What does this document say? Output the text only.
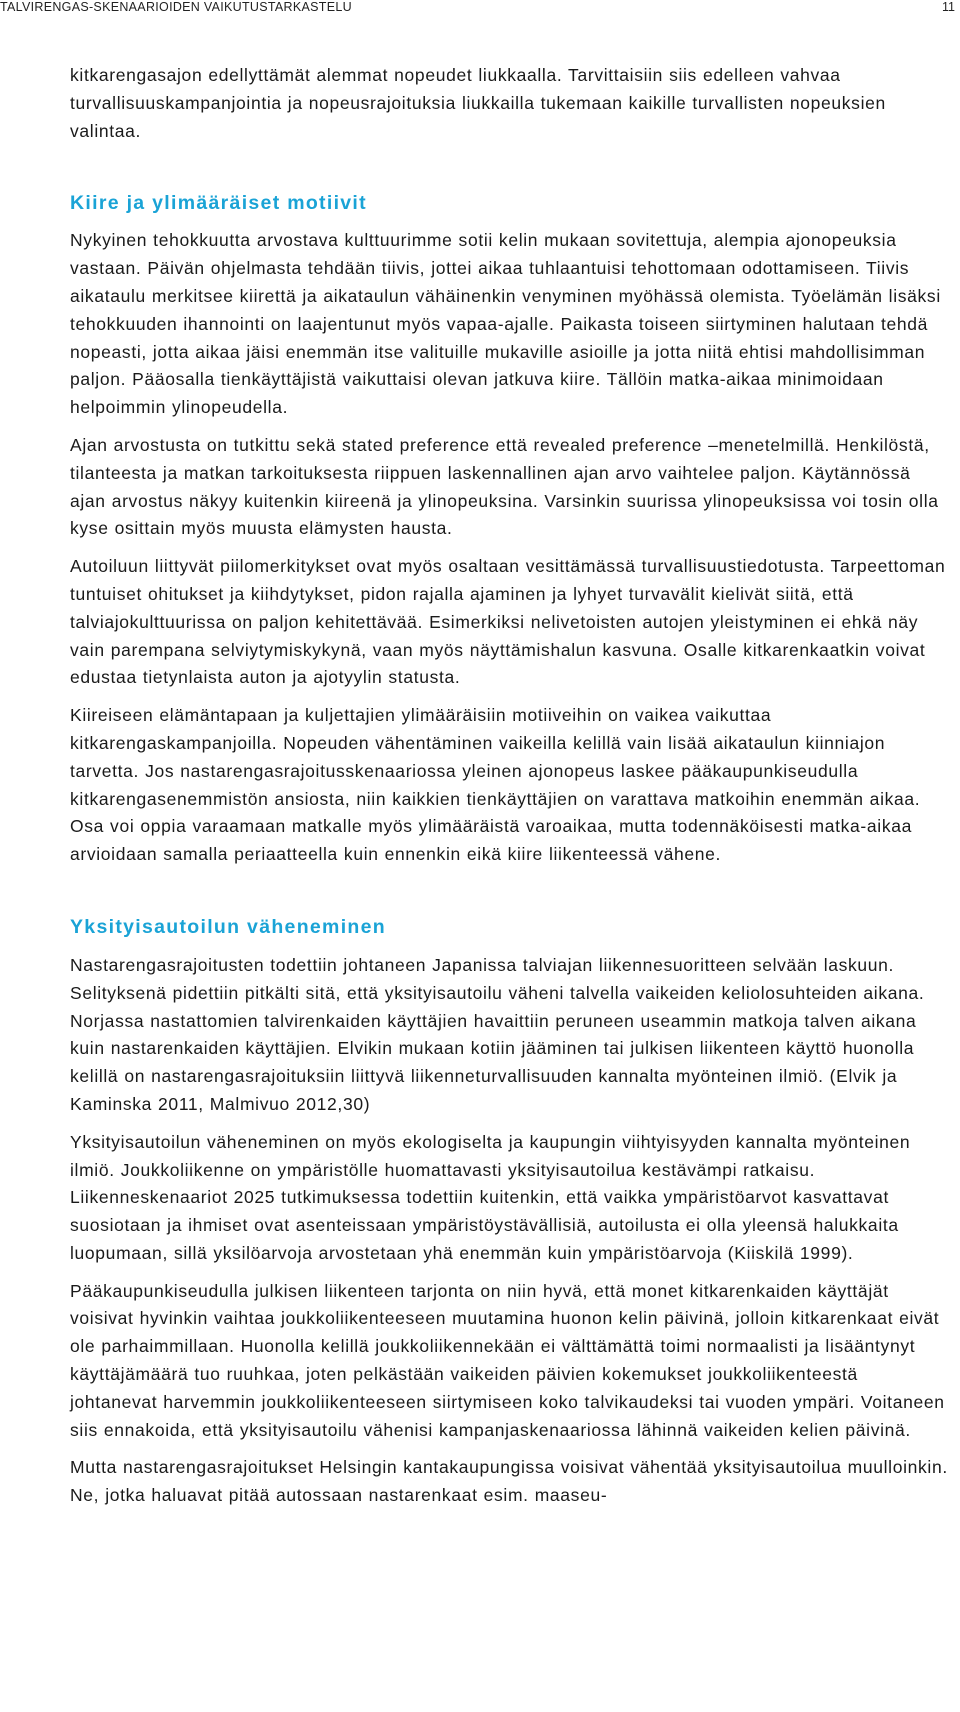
TALVIRENGAS-SKENAARIOIDEN VAIKUTUSTARKASTELU	11

kitkarengasajon edellyttämät alemmat nopeudet liukkaalla. Tarvittaisiin siis edelleen vahvaa turvallisuuskampanjointia ja nopeusrajoituksia liukkailla tukemaan kaikille turvallisten nopeuksien valintaa.

Kiire ja ylimääräiset motiivit

Nykyinen tehokkuutta arvostava kulttuurimme sotii kelin mukaan sovitettuja, alempia ajonopeuksia vastaan. Päivän ohjelmasta tehdään tiivis, jottei aikaa tuhlaantuisi tehottomaan odottamiseen. Tiivis aikataulu merkitsee kiirettä ja aikataulun vähäinenkin venyminen myöhässä olemista. Työelämän lisäksi tehokkuuden ihannointi on laajentunut myös vapaa-ajalle. Paikasta toiseen siirtyminen halutaan tehdä nopeasti, jotta aikaa jäisi enemmän itse valituille mukaville asioille ja jotta niitä ehtisi mahdollisimman paljon. Pääosalla tienkäyttäjistä vaikuttaisi olevan jatkuva kiire. Tällöin matka-aikaa minimoidaan helpoimmin ylinopeudella.

Ajan arvostusta on tutkittu sekä stated preference että revealed preference –menetelmillä. Henkilöstä, tilanteesta ja matkan tarkoituksesta riippuen laskennallinen ajan arvo vaihtelee paljon. Käytännössä ajan arvostus näkyy kuitenkin kiireenä ja ylinopeuksina. Varsinkin suurissa ylinopeuksissa voi tosin olla kyse osittain myös muusta elämysten hausta.

Autoiluun liittyvät piilomerkitykset ovat myös osaltaan vesittämässä turvallisuustiedotusta. Tarpeettoman tuntuiset ohitukset ja kiihdytykset, pidon rajalla ajaminen ja lyhyet turvavälit kielivät siitä, että talviajokulttuurissa on paljon kehitettävää. Esimerkiksi nelivetoisten autojen yleistyminen ei ehkä näy vain parempana selviytymiskykynä, vaan myös näyttämishalun kasvuna. Osalle kitkarenkaatkin voivat edustaa tietynlaista auton ja ajotyylin statusta.

Kiireiseen elämäntapaan ja kuljettajien ylimääräisiin motiiveihin on vaikea vaikuttaa kitkarengaskampanjoilla. Nopeuden vähentäminen vaikeilla kelillä vain lisää aikataulun kiinniajon tarvetta. Jos nastarengasrajoitusskenaariossa yleinen ajonopeus laskee pääkaupunkiseudulla kitkarengasenemmistön ansiosta, niin kaikkien tienkäyttäjien on varattava matkoihin enemmän aikaa. Osa voi oppia varaamaan matkalle myös ylimääräistä varoaikaa, mutta todennäköisesti matka-aikaa arvioidaan samalla periaatteella kuin ennenkin eikä kiire liikenteessä vähene.

Yksityisautoilun väheneminen

Nastarengasrajoitusten todettiin johtaneen Japanissa talviajan liikennesuoritteen selvään laskuun. Selityksenä pidettiin pitkälti sitä, että yksityisautoilu väheni talvella vaikeiden keliolosuhteiden aikana. Norjassa nastattomien talvirenkaiden käyttäjien havaittiin peruneen useammin matkoja talven aikana kuin nastarenkaiden käyttäjien. Elvikin mukaan kotiin jääminen tai julkisen liikenteen käyttö huonolla kelillä on nastarengasrajoituksiin liittyvä liikenneturvallisuuden kannalta myönteinen ilmiö. (Elvik ja Kaminska 2011, Malmivuo 2012,30)

Yksityisautoilun väheneminen on myös ekologiselta ja kaupungin viihtyisyyden kannalta myönteinen ilmiö. Joukkoliikenne on ympäristölle huomattavasti yksityisautoilua kestävämpi ratkaisu. Liikenneskenaariot 2025 tutkimuksessa todettiin kuitenkin, että vaikka ympäristöarvot kasvattavat suosiotaan ja ihmiset ovat asenteissaan ympäristöystävällisiä, autoilusta ei olla yleensä halukkaita luopumaan, sillä yksilöarvoja arvostetaan yhä enemmän kuin ympäristöarvoja (Kiiskilä 1999).

Pääkaupunkiseudulla julkisen liikenteen tarjonta on niin hyvä, että monet kitkarenkaiden käyttäjät voisivat hyvinkin vaihtaa joukkoliikenteeseen muutamina huonon kelin päivinä, jolloin kitkarenkaat eivät ole parhaimmillaan. Huonolla kelillä joukkoliikennekään ei välttämättä toimi normaalisti ja lisääntynyt käyttäjämäärä tuo ruuhkaa, joten pelkästään vaikeiden päivien kokemukset joukkoliikenteestä johtanevat harvemmin joukkoliikenteeseen siirtymiseen koko talvikaudeksi tai vuoden ympäri. Voitaneen siis ennakoida, että yksityisautoilu vähenisi kampanjaskenaariossa lähinnä vaikeiden kelien päivinä.

Mutta nastarengasrajoitukset Helsingin kantakaupungissa voisivat vähentää yksityisautoilua muulloinkin. Ne, jotka haluavat pitää autossaan nastarenkaat esim. maaseu-
